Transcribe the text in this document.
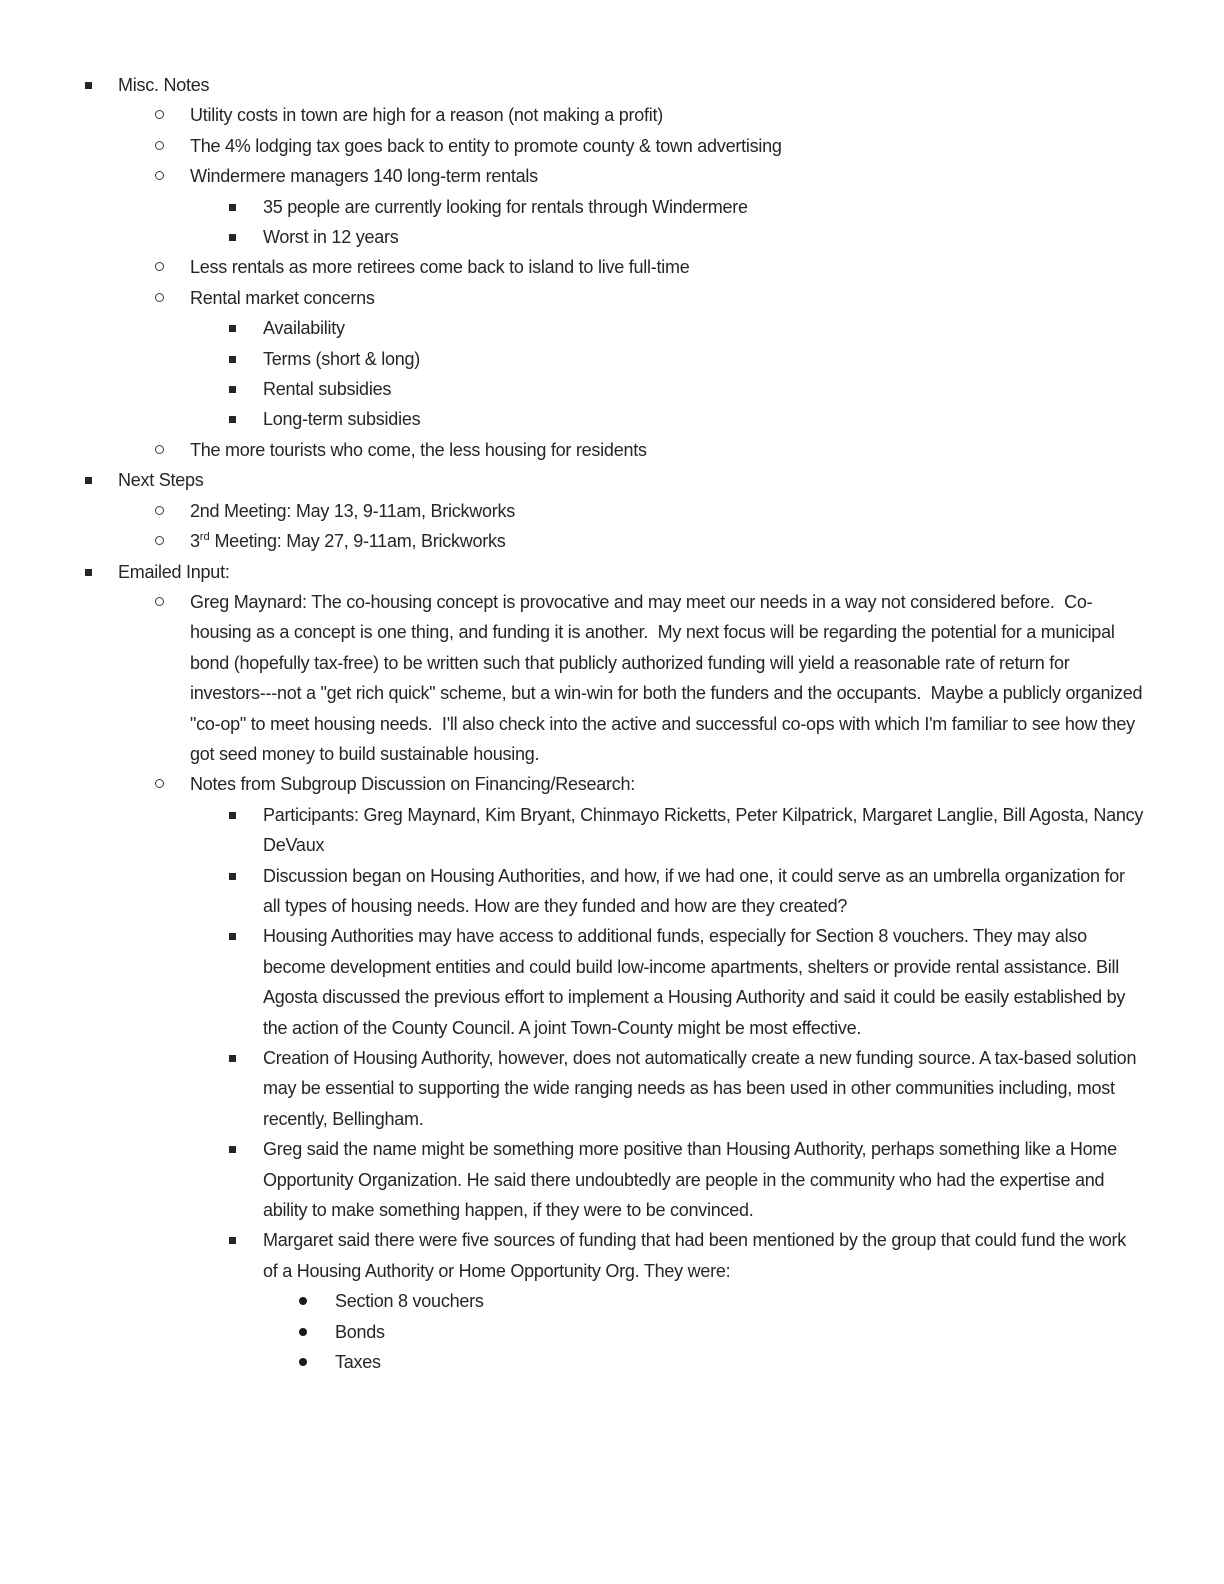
Misc. Notes
Utility costs in town are high for a reason (not making a profit)
The 4% lodging tax goes back to entity to promote county & town advertising
Windermere managers 140 long-term rentals
35 people are currently looking for rentals through Windermere
Worst in 12 years
Less rentals as more retirees come back to island to live full-time
Rental market concerns
Availability
Terms (short & long)
Rental subsidies
Long-term subsidies
The more tourists who come, the less housing for residents
Next Steps
2nd Meeting: May 13, 9-11am, Brickworks
3rd Meeting: May 27, 9-11am, Brickworks
Emailed Input:
Greg Maynard: The co-housing concept is provocative and may meet our needs in a way not considered before.  Co-housing as a concept is one thing, and funding it is another.  My next focus will be regarding the potential for a municipal bond (hopefully tax-free) to be written such that publicly authorized funding will yield a reasonable rate of return for investors---not a "get rich quick" scheme, but a win-win for both the funders and the occupants.  Maybe a publicly organized "co-op" to meet housing needs.  I'll also check into the active and successful co-ops with which I'm familiar to see how they got seed money to build sustainable housing.
Notes from Subgroup Discussion on Financing/Research:
Participants: Greg Maynard, Kim Bryant, Chinmayo Ricketts, Peter Kilpatrick, Margaret Langlie, Bill Agosta, Nancy DeVaux
Discussion began on Housing Authorities, and how, if we had one, it could serve as an umbrella organization for all types of housing needs. How are they funded and how are they created?
Housing Authorities may have access to additional funds, especially for Section 8 vouchers. They may also become development entities and could build low-income apartments, shelters or provide rental assistance. Bill Agosta discussed the previous effort to implement a Housing Authority and said it could be easily established by the action of the County Council. A joint Town-County might be most effective.
Creation of Housing Authority, however, does not automatically create a new funding source. A tax-based solution may be essential to supporting the wide ranging needs as has been used in other communities including, most recently, Bellingham.
Greg said the name might be something more positive than Housing Authority, perhaps something like a Home Opportunity Organization. He said there undoubtedly are people in the community who had the expertise and ability to make something happen, if they were to be convinced.
Margaret said there were five sources of funding that had been mentioned by the group that could fund the work of a Housing Authority or Home Opportunity Org. They were:
Section 8 vouchers
Bonds
Taxes
